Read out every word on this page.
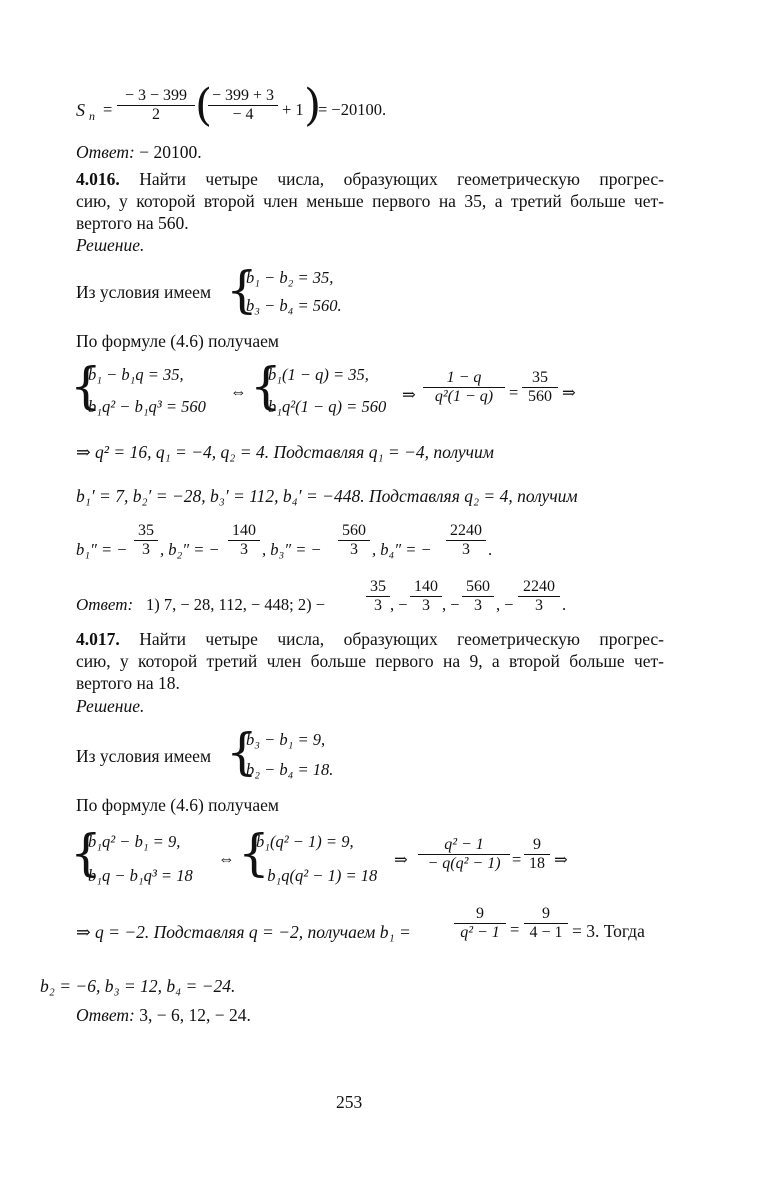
S n =
− 3 − 399
2 ( − 399 + 3
− 4	+ 1 )
= −20100.
Ответ: − 20100.
4.016. Найти четыре числа, образующих геометрическую прогрес-
сию, у которой второй член меньше первого на 35, а третий больше чет-
вертого на 560.
Решение.
Из условия имеем {
b₁ − b₂ = 35,
b₃ − b₄ = 560.
По формуле (4.6) получаем
{
b₁ − b₁q = 35,
b₁q² − b₁q³ = 560
⇔ {
b₁(1 − q) = 35,
b₁q²(1 − q) = 560
⇒
1 − q
q²(1 − q) =
35
560 ⇒
⇒ q² = 16, q₁ = −4, q₂ = 4. Подставляя q₁ = −4, получим
b₁′ = 7, b₂′ = −28, b₃′ = 112, b₄′ = −448. Подставляя q₂ = 4, получим
b₁″ = −
35
3 , b₂″ = −
140
3 , b₃″ = −
560
3 , b₄″ = −
2240
3	.
Ответ: 1) 7, − 28, 112, − 448; 2) −
35
3 , −
140
3 , −
560
3 , −
2240
3	.
4.017. Найти четыре числа, образующих геометрическую прогрес-
сию, у которой третий член больше первого на 9, а второй больше чет-
вертого на 18.
Решение.
Из условия имеем {
b₃ − b₁ = 9,
b₂ − b₄ = 18.
По формуле (4.6) получаем
{
b₁q² − b₁ = 9,
b₁q − b₁q³ = 18
⇔ {
b₁(q² − 1) = 9,
− b₁q(q² − 1) = 18
⇒
q² − 1
− q(q² − 1) =
9
18 ⇒
⇒ q = −2. Подставляя q = −2, получаем b₁ =
9
q² − 1 =
9
4 − 1 = 3. Тогда
b₂ = −6, b₃ = 12, b₄ = −24.
Ответ: 3, − 6, 12, − 24.
253
